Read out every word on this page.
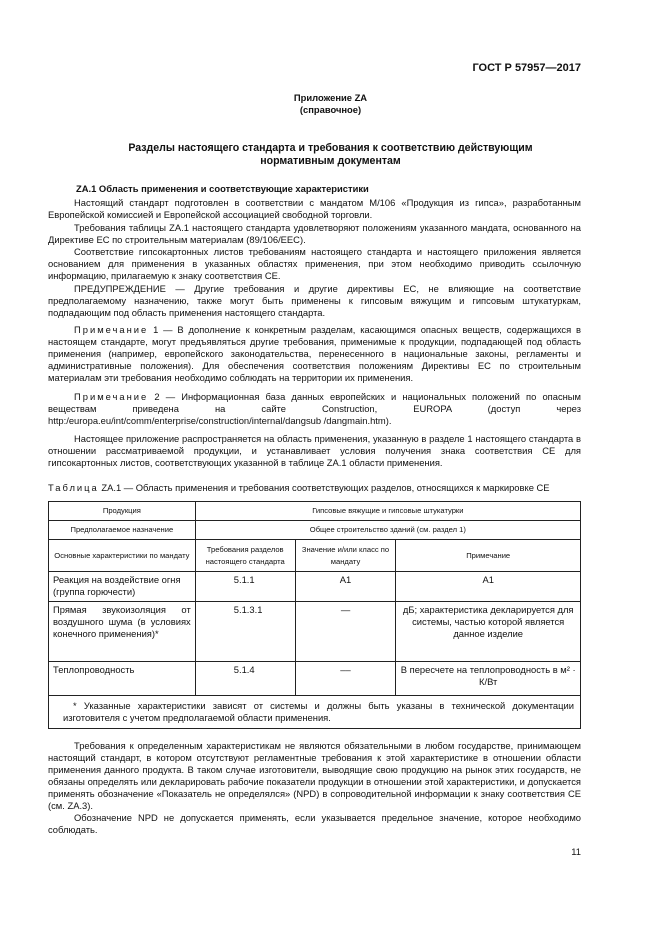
ГОСТ Р 57957—2017
Приложение ZA
(справочное)
Разделы настоящего стандарта и требования к соответствию действующим
нормативным документам
ZA.1 Область применения и соответствующие характеристики
Настоящий стандарт подготовлен в соответствии с мандатом М/106 «Продукция из гипса», разработанным Европейской комиссией и Европейской ассоциацией свободной торговли.
Требования таблицы ZA.1 настоящего стандарта удовлетворяют положениям указанного мандата, основанного на Директиве ЕС по строительным материалам (89/106/ЕЕС).
Соответствие гипсокартонных листов требованиям настоящего стандарта и настоящего приложения является основанием для применения в указанных областях применения, при этом необходимо приводить ссылочную информацию, прилагаемую к знаку соответствия СЕ.
ПРЕДУПРЕЖДЕНИЕ — Другие требования и другие директивы ЕС, не влияющие на соответствие предполагаемому назначению, также могут быть применены к гипсовым вяжущим и гипсовым штукатуркам, подпадающим под область применения настоящего стандарта.
Примечание 1 — В дополнение к конкретным разделам, касающимся опасных веществ, содержащихся в настоящем стандарте, могут предъявляться другие требования, применимые к продукции, подпадающей под область применения (например, европейского законодательства, перенесенного в национальные законы, регламенты и административные положения). Для обеспечения соответствия положениям Директивы ЕС по строительным материалам эти требования необходимо соблюдать на территории их применения.
Примечание 2 — Информационная база данных европейских и национальных положений по опасным веществам приведена на сайте Construction, EUROPA (доступ через http:/europa.eu/int/comm/enterprise/construction/internal/dangsub /dangmain.htm).
Настоящее приложение распространяется на область применения, указанную в разделе 1 настоящего стандарта в отношении рассматриваемой продукции, и устанавливает условия получения знака соответствия СЕ для гипсокартонных листов, соответствующих указанной в таблице ZA.1 области применения.
Таблица ZA.1 — Область применения и требования соответствующих разделов, относящихся к маркировке СЕ
Продукция	Гипсовые вяжущие и гипсовые штукатурки		
Предполагаемое назначение	Общее строительство зданий (см. раздел 1)		
Основные характеристики по мандату	Требования разделов настоящего стандарта	Значение и/или класс по мандату	Примечание
Реакция на воздействие огня (группа горючести)	5.1.1	А1	А1
Прямая звукоизоляция от воздушного шума (в условиях конечного применения)*	5.1.3.1	—	дБ; характеристика декларируется для системы, частью которой является данное изделие
Теплопроводность	5.1.4	––	В пересчете на теплопроводность в м² · К/Вт
* Указанные характеристики зависят от системы и должны быть указаны в технической документации изготовителя с учетом предполагаемой области применения.			
Требования к определенным характеристикам не являются обязательными в любом государстве, принимающем настоящий стандарт, в котором отсутствуют регламентные требования к этой характеристике в отношении области применения данного продукта. В таком случае изготовители, выводящие свою продукцию на рынок этих государств, не обязаны определять или декларировать рабочие показатели продукции в отношении этой характеристики, и допускается применять обозначение «Показатель не определялся» (NPD) в сопроводительной информации к знаку соответствия СЕ (см. ZA.3).
Обозначение NPD не допускается применять, если указывается предельное значение, которое необходимо соблюдать.
11
